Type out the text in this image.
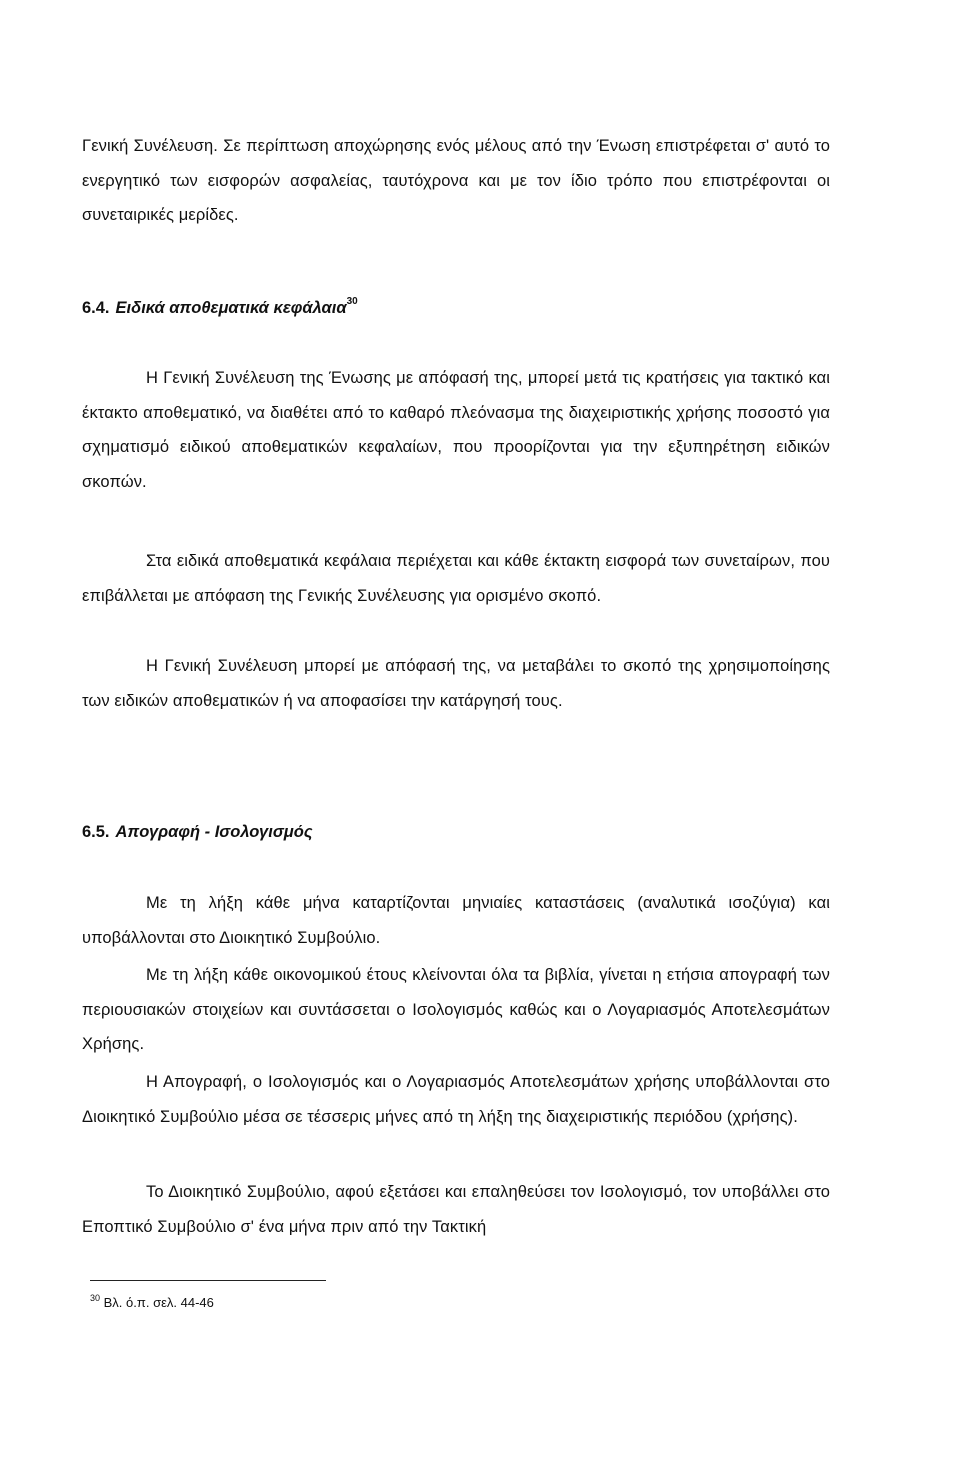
Γενική Συνέλευση. Σε περίπτωση αποχώρησης ενός μέλους από την Ένωση επιστρέφεται σ' αυτό το ενεργητικό των εισφορών ασφαλείας, ταυτόχρονα και με τον ίδιο τρόπο που επιστρέφονται οι συνεταιρικές μερίδες.

6.4. Ειδικά αποθεματικά κεφάλαια$^{30}$

Η Γενική Συνέλευση της Ένωσης με απόφασή της, μπορεί μετά τις κρατήσεις για τακτικό και έκτακτο αποθεματικό, να διαθέτει από το καθαρό πλεόνασμα της διαχειριστικής χρήσης ποσοστό για σχηματισμό ειδικού αποθεματικών κεφαλαίων, που προορίζονται για την εξυπηρέτηση ειδικών σκοπών.

Στα ειδικά αποθεματικά κεφάλαια περιέχεται και κάθε έκτακτη εισφορά των συνεταίρων, που επιβάλλεται με απόφαση της Γενικής Συνέλευσης για ορισμένο σκοπό.

Η Γενική Συνέλευση μπορεί με απόφασή της, να μεταβάλει το σκοπό της χρησιμοποίησης των ειδικών αποθεματικών ή να αποφασίσει την κατάργησή τους.

6.5. Απογραφή - Ισολογισμός

Με τη λήξη κάθε μήνα καταρτίζονται μηνιαίες καταστάσεις (αναλυτικά ισοζύγια) και υποβάλλονται στο Διοικητικό Συμβούλιο.

Με τη λήξη κάθε οικονομικού έτους κλείνονται όλα τα βιβλία, γίνεται η ετήσια απογραφή των περιουσιακών στοιχείων και συντάσσεται ο Ισολογισμός καθώς και ο Λογαριασμός Αποτελεσμάτων Χρήσης.

Η Απογραφή, ο Ισολογισμός και ο Λογαριασμός Αποτελεσμάτων χρήσης υποβάλλονται στο Διοικητικό Συμβούλιο μέσα σε τέσσερις μήνες από τη λήξη της διαχειριστικής περιόδου (χρήσης).

Το Διοικητικό Συμβούλιο, αφού εξετάσει και επαληθεύσει τον Ισολογισμό, τον υποβάλλει στο Εποπτικό Συμβούλιο σ' ένα μήνα πριν από την Τακτική

$^{30}$ Βλ. ό.π. σελ. 44-46
